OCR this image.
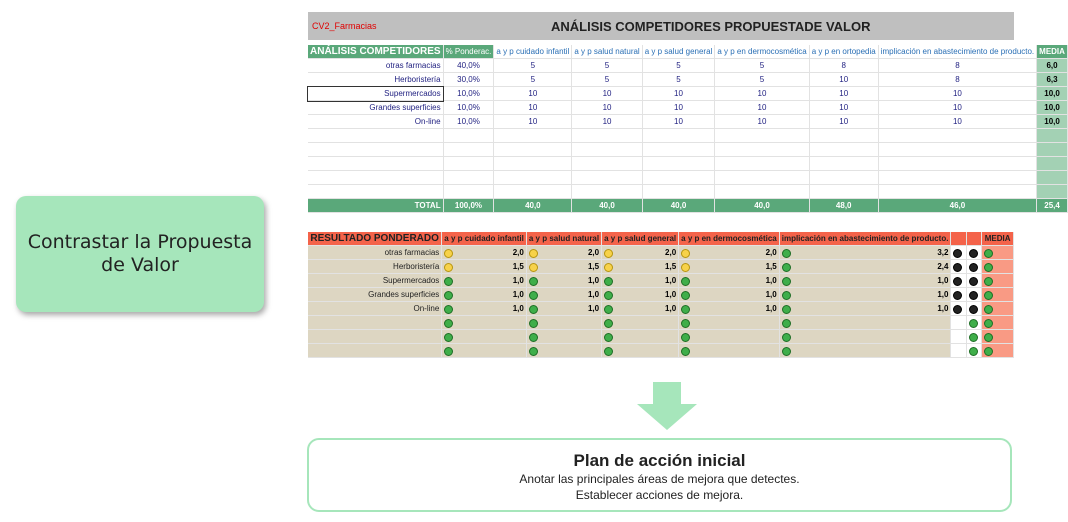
Contrastar la Propuesta de Valor
CV2_Farmacias	ANÁLISIS COMPETIDORES PROPUESTADE VALOR
ANÁLISIS COMPETIDORES	% Ponderac.	a y p cuidado infantil	a y p salud natural	a y p salud general	a y p en dermocosmética	a y p en ortopedia	implicación en abastecimiento de producto.	MEDIA
otras farmacias	40,0%	5	5	5	5	8	8	6,0
Herboristería	30,0%	5	5	5	5	10	8	6,3
Supermercados	10,0%	10	10	10	10	10	10	10,0
Grandes superficies	10,0%	10	10	10	10	10	10	10,0
On-line	10,0%	10	10	10	10	10	10	10,0

TOTAL	100,0%	40,0	40,0	40,0	40,0	48,0	46,0	25,4
RESULTADO PONDERADO	a y p cuidado infantil	a y p salud natural	a y p salud general	a y p en dermocosmética	implicación en abastecimiento de producto.			MEDIA
otras farmacias	2,0	2,0	2,0	2,0	3,2			

Herboristería	1,5	1,5	1,5	1,5	2,4			

Supermercados	1,0	1,0	1,0	1,0	1,0			

Grandes superficies	1,0	1,0	1,0	1,0	1,0			

On-line	1,0	1,0	1,0	1,0	1,0			

Plan de acción inicial
Anotar las principales áreas de mejora que detectes.
Establecer acciones de mejora.
